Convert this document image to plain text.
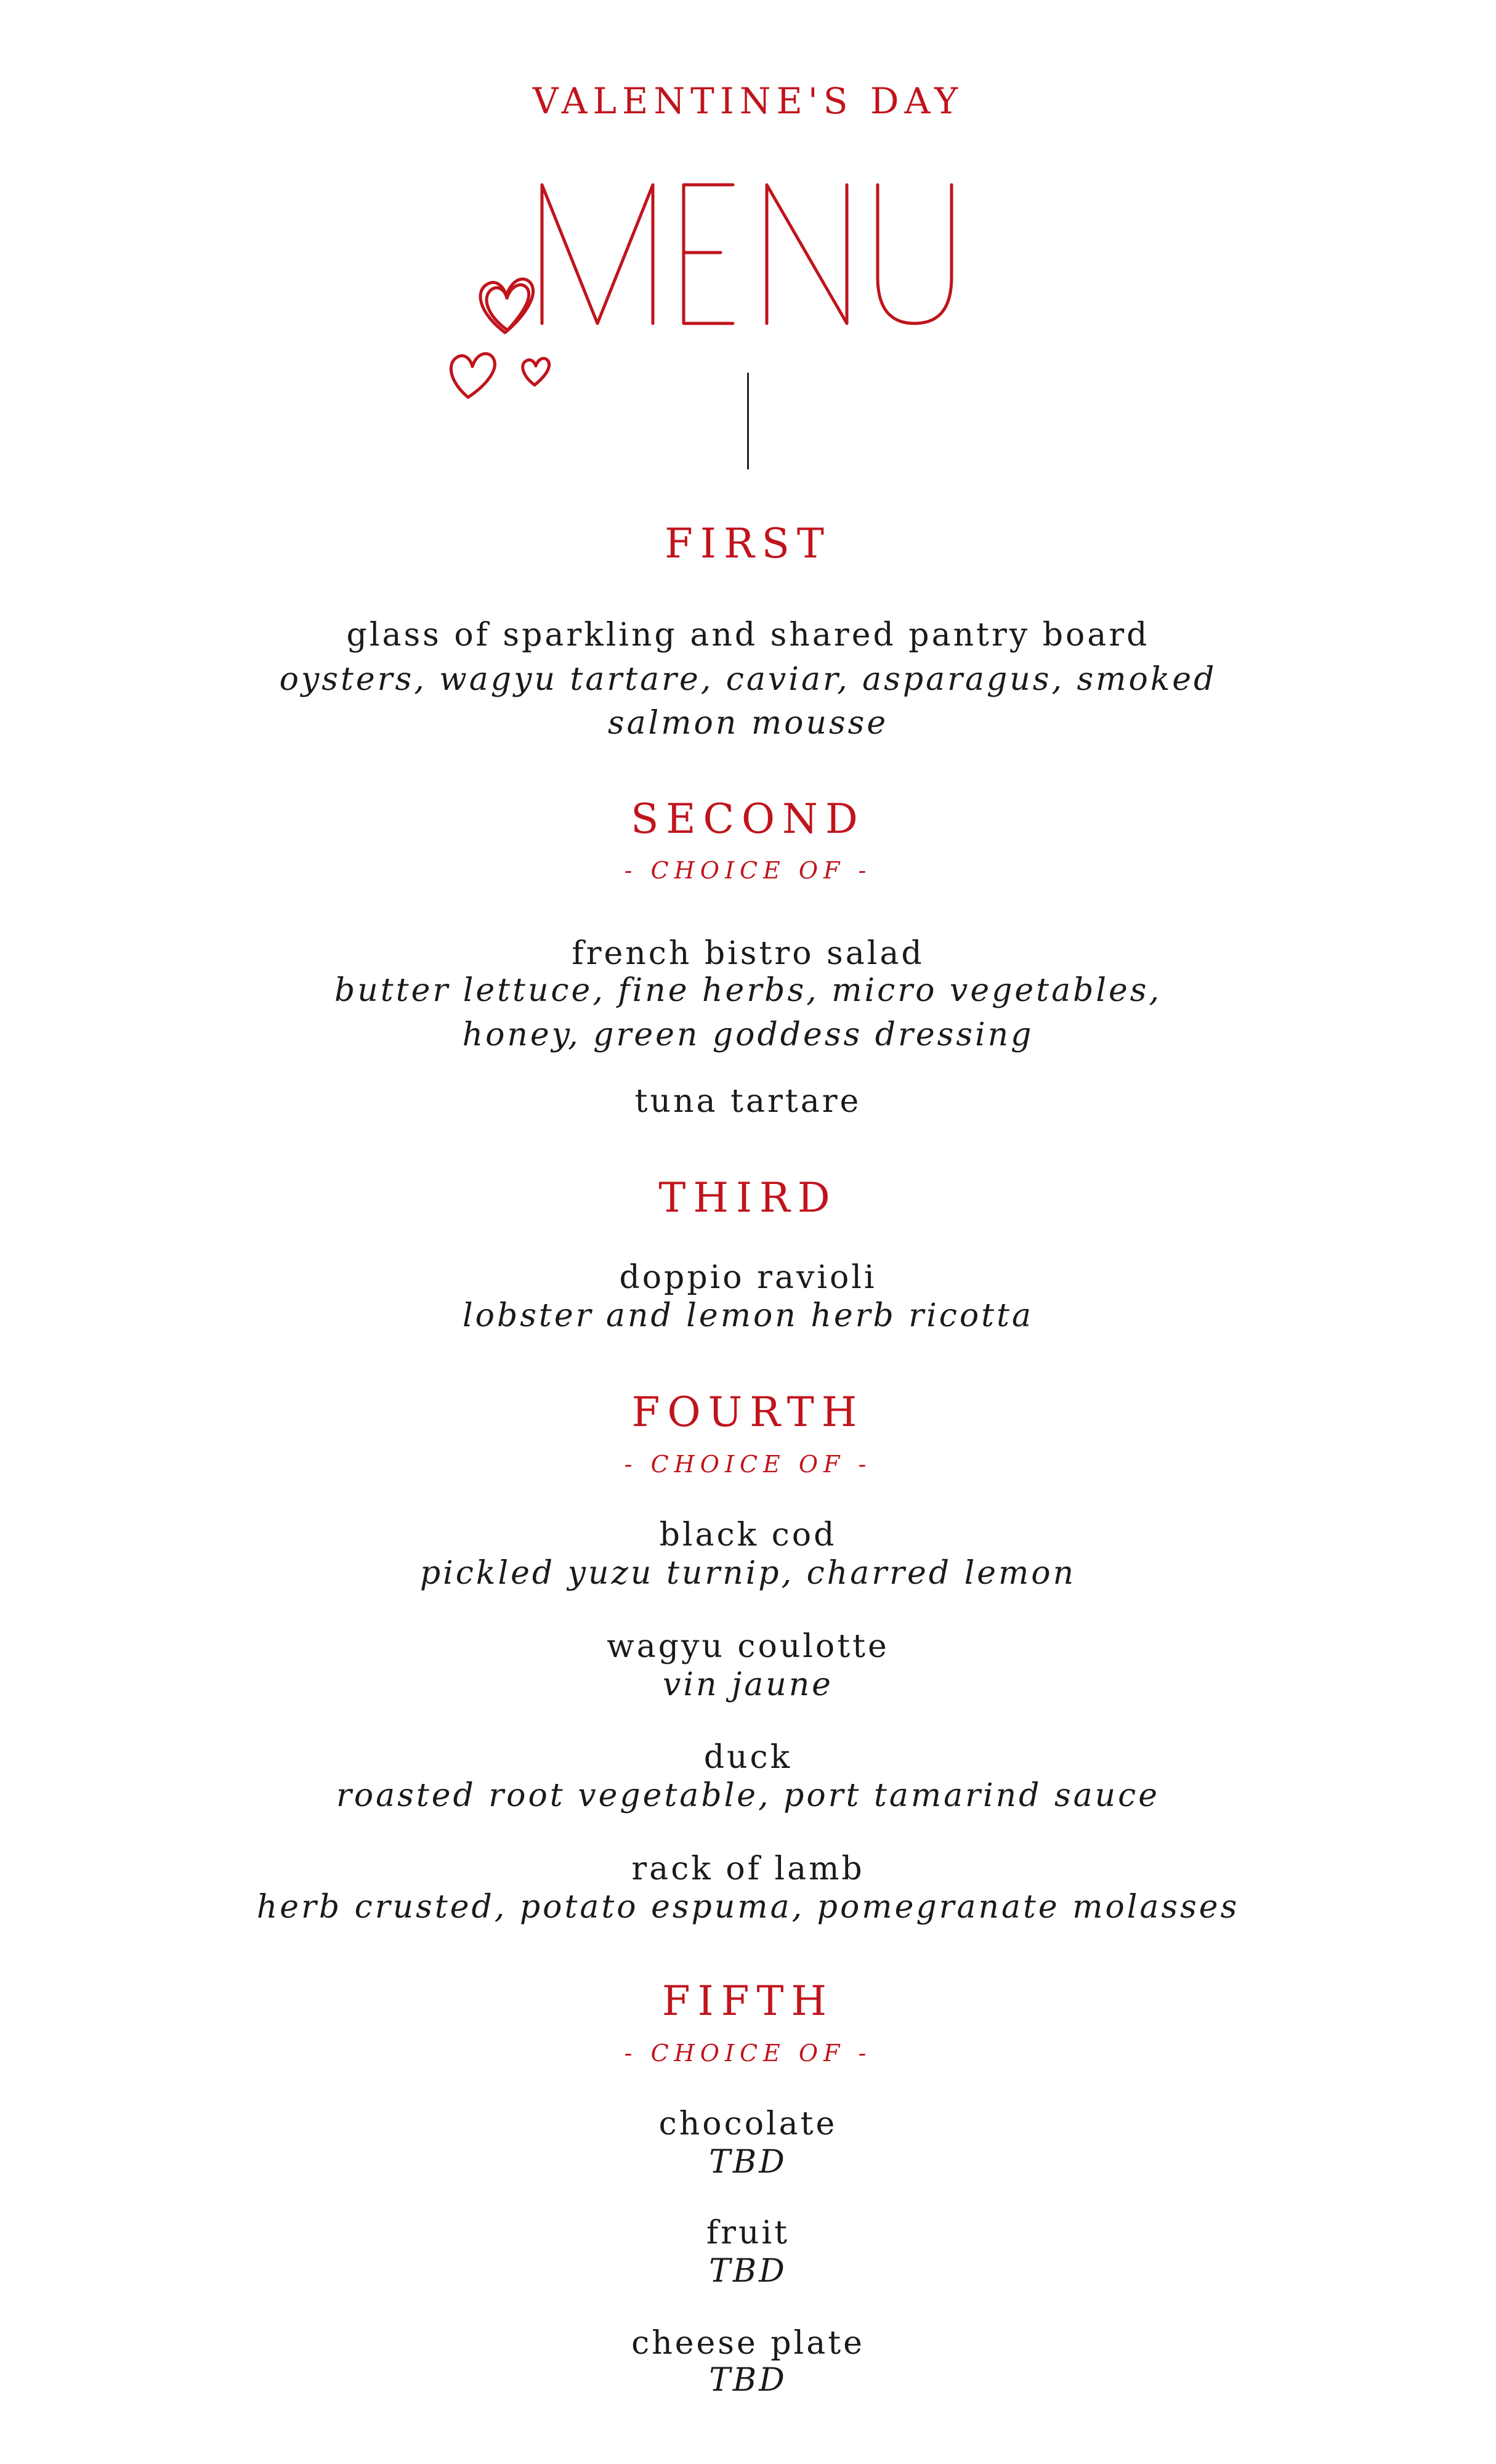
VALENTINE'S DAY

FIRST

glass of sparkling and shared pantry board

oysters, wagyu tartare, caviar, asparagus, smoked

salmon mousse

SECOND

- CHOICE OF -

french bistro salad

butter lettuce, fine herbs, micro vegetables,

honey, green goddess dressing

tuna tartare

THIRD

doppio ravioli

lobster and lemon herb ricotta

FOURTH

- CHOICE OF -

black cod

pickled yuzu turnip, charred lemon

wagyu coulotte

vin jaune

duck

roasted root vegetable, port tamarind sauce

rack of lamb

herb crusted, potato espuma, pomegranate molasses

FIFTH

- CHOICE OF -

chocolate

TBD

fruit

TBD

cheese plate

TBD
